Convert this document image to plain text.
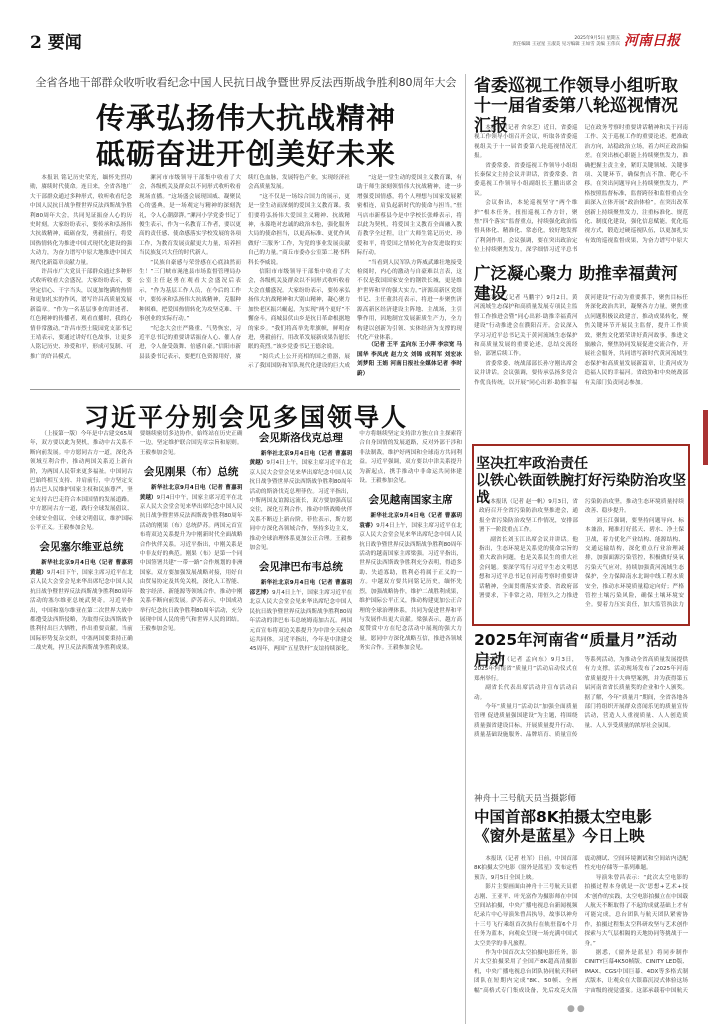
2 要闻	2025年9月5日 星期五
责任编辑 王冠星 王淑美 见习编辑 王如雪 美编 王伟宾 河南日报
全省各地干部群众收听收看纪念中国人民抗日战争暨世界反法西斯战争胜利80周年大会
传承弘扬伟大抗战精神
砥砺奋进开创美好未来

本报讯 铭记历史荣光，缅怀先烈功勋，赓续时代使命。连日来，全省各地广大干部群众通过多种形式，收听收看纪念中国人民抗日战争暨世界反法西斯战争胜利80周年大会，共同见证振奋人心的历史时刻。大家纷纷表示，要传承和弘扬伟大抗战精神，砥砺奋发，勇毅前行，将爱国热情转化为推进中国式现代化建设的强大动力，为奋力谱写中原大地推进中国式现代化新篇章贡献力量。

许昌市广大党员干部群众通过多种形式收听收看大会盛况。大家纷纷表示，要坚定信心、干字当头，以更加饱满的热情和更加扎实的作风，谱写许昌高质量发展新篇章。“作为一名基层事业的讲述者、红色精神的传播者，观看直播时，我的心情非常激动。”许昌市烈士陵园党支部书记王靖表示，要通过讲好红色故事，让更多人铭记历史、珍爱和平，形成可复制、可推广的许昌模式。

漯河市市级领导干部集中收看了大会，各级机关及群众以不同形式收听收看现场直播。“这场盛会展现国威、凝聚民心的盛典，是一场观定与精神的深刻洗礼，令人心潮澎湃。”漯河小学党委书记丁俊生表示，作为一名教育工作者，要以更高的责任感、使命感落实学校发展的各项工作，为教育发展贡献更大力量，培养担当民族复兴大任的时代新人。

“民族自豪感与荣誉感在心底油然而生！”三门峡市渑池县市场监督管理局办公室主任赵勇在观看大会盛况后表示，“作为基层工作人员，在今后的工作中，要传承和弘扬伟大抗战精神，克服种种困难，把爱国热情转化为攻坚克难、干事创业的实际行动。”

“纪念大会庄严隆重、气势恢宏，习近平总书记的重要讲话振奋人心、催人奋进，令人备受鼓舞、倍感自豪。”信阳市新县县委书记表示，要把红色资源用好，赓续红色血脉，发展特色产业，实现经济社会高质量发展。

“这不仅是一场综合国力的展示，更是一堂生动而深刻的爱国主义教育课。我们要将弘扬伟大爱国主义精神、抗战精神，永葆绝对忠诚的政治本色，强化服务大局的使命担当，以更高标准、更优作风做好‘三服务’工作，为党的事业发展贡献自己的力量。”商丘市委办公室第二秘书科科长李威说。

信阳市市级领导干部集中收看了大会，各级机关及群众以不同形式收听收看大会直播盛况。大家纷纷表示，要传承弘扬伟大抗战精神和大别山精神，凝心聚力加快老区振兴崛起，为实现“两个更好”不懈奋斗。商城县伏山乡是抗日革命根据地的家乡。“我们将高举先辈旗帜，鲜明奋进，勇毅前行，用改革发展新成果告慰长眠的英烈。”该乡党委书记王德余说。

“阅兵式上公开亮相的国之重器，展示了我国国防和军队现代化建设的巨大成

“这是一堂生动的爱国主义教育课，有助于师生深刻领悟伟大抗战精神，进一步增强爱国情感，将个人理想与国家发展紧密相连，肩负起新时代的使命与担当。”驻马店市新蔡县今是中学校长张峰表示，将以此为契机，将爱国主义教育全面融入教育教学全过程，让广大师生铭记历史、珍爱和平，将爱国之情转化为奋发进取的实际行动。

“当看到人民军队方阵威武雄壮地接受检阅时，内心的激动与自豪难以言表，这不仅是我国国家安全的钢铁长城，更是维护世界和平的强大实力。”济源高新区党组书记、主任董洪亮表示，将进一步聚焦济源高新区经济建设主阵地、主战场，主引擎作用，因地制宜发展新质生产力，全力构建以创新为引领、实体经济为支撑的现代化产业体系。

（记者 王平 孟向东 王小萍 李宗宽 马国华 李凤虎 赵力文 刘锦 成利军 刘宏冰 刘梦阳 王娟 河南日报社全媒体记者 李时蔚）

习近平分别会见多国领导人

（上接第一版）今年是中古建交65周年，双方要以此为契机，推动中古关系不断向前发展。中方愿同古方一道，深化各领域互利合作，推动两国关系迈上新台阶，为两国人民带来更多福祉。中国同古巴始终相互支持、并肩前行，中方坚定支持古巴人民维护国家主权和民族尊严，坚定支持古巴走符合本国国情的发展道路。中方愿同古方一道，践行全球发展倡议、全球安全倡议、全球文明倡议，维护国际公平正义。王毅参加会见。

会见塞尔维亚总统

新华社北京9月4日电（记者 曹嘉玥 黄越）9月4日下午，国家主席习近平在北京人民大会堂会见来华出席纪念中国人民抗日战争暨世界反法西斯战争胜利80周年活动的塞尔维亚总统武契奇。习近平指出，中国和塞尔维亚在第二次世界大战中都遭受法西斯侵略，为取得反法西斯战争胜利付出巨大牺牲，作出重要贡献。当前国际形势复杂交织，中塞两国要秉持正确二战史观，捍卫反法西斯战争胜利成果。要继续密切多边协作，始终站在历史正确一边，坚定维护联合国宪章宗旨和原则。王毅参加会见。

会见刚果（布）总统

新华社北京9月4日电（记者 曹嘉玥 黄越）9月4日中午，国家主席习近平在北京人民大会堂会见来华出席纪念中国人民抗日战争暨世界反法西斯战争胜利80周年活动的刚果（布）总统萨苏。两国元首宣布将双边关系提升为中刚新时代全面战略合作伙伴关系。习近平指出，中刚关系是中非友好的典范。刚果（布）是第一个同中国签署共建“一带一路”合作规划的非洲国家。双方要加强发展战略对接，用好自由贸易协定及其免关税，深化人工智能、数字经济、新能源等领域合作，推动中刚关系不断向前发展。萨苏表示，中国成功举行纪念抗日战争胜利80周年活动，充分展现中国人民的勇气和世界人民的团结。王毅参加会见。

会见斯洛伐克总理

新华社北京9月4日电（记者 曹嘉玥 黄越）9月4日上午，国家主席习近平在北京人民大会堂会见来华出席纪念中国人民抗日战争暨世界反法西斯战争胜利80周年活动的斯洛伐克总理菲佐。习近平指出，中斯两国友谊源远流长，双方要加强高层交往，深化互利合作，推动中斯战略伙伴关系不断迈上新台阶。菲佐表示，斯方愿同中方深化各领域合作，坚持多边主义，推动全球治理体系更加公正合理。王毅参加会见。

会见津巴布韦总统

新华社北京9月4日电（记者 曹嘉玥 邵艺博）9月4日上午，国家主席习近平在北京人民大会堂会见来华出席纪念中国人民抗日战争暨世界反法西斯战争胜利80周年活动的津巴布韦总统姆南加古瓦。两国元首宣布将双边关系提升为中津全天候命运共同体。习近平指出，今年是中津建交45周年，两国“五星铁杆”友谊持续深化。中方将继续坚定支持津方独立自主探索符合自身国情的发展道路，反对外部干涉和非法制裁，维护好两国和全球南方共同利益。习近平强调，双方要以中津关系提升为新起点，携手推动中非命运共同体建设。王毅参加会见。

会见越南国家主席

新华社北京9月4日电（记者 曹嘉玥 袁睿）9月4日上午，国家主席习近平在北京人民大会堂会见来华出席纪念中国人民抗日战争暨世界反法西斯战争胜利80周年活动的越南国家主席梁强。习近平指出，世界反法西斯战争胜利充分表明，得道多助、失道寡助，胜利必将属于正义的一方。中越双方要共同铭记历史，缅怀先烈，加强战略协作，维护二战胜利成果，维护国际公平正义，推动构建更加公正合理的全球治理体系，共同为促进世界和平与发展作出更大贡献。梁强表示，越方高度赞赏中方在纪念活动中展现的强大力量，愿同中方深化战略互信，推进各领域务实合作。王毅参加会见。

省委巡视工作领导小组听取
十一届省委第八轮巡视情况汇报

本报讯（记者 舍奈芝）近日，省委巡视工作领导小组召开会议，听取各省委巡视组关于十一届省委第八轮巡视情况汇报。

省委常委、省委巡视工作领导小组组长秦保文主持会议并讲话，省委常委、省委巡视工作领导小组副组长王鹏出席会议。

会议指出，本轮巡视坚守“两个维护”根本任务，扭扭巡视工作方针，聚焦“四个落实”监督重点，持续强化政治监督具体化、精准化、常态化，较好地发挥了利剑作用。会议强调，要在突出政治定位上持续聚焦发力，深学细悟习近平总书记在政务考察时重要讲话精神和关于河南工作、关于巡视工作的重要论述，把准政治方向，站稳政治立场，着力纠正政治偏差。在突出核心职能上持续聚焦发力，准确把握主责主业，紧盯关键领域、关键事项、关键环节，确保焦点不散、靶心不移。在突出问题导向上持续聚焦发力，严格按照监督标准，监督跨径和监督重点全面深入立体开展“政治体检”。在突出改革创新上持续聚焦发力，注重标准化、规范化、制度化建设，强化信息赋能，优化巡视方式，锻造过硬巡视队伍，以更加扎实有效的巡视监督成果，为奋力谱写中原大

广泛凝心聚力 助推幸福黄河建设

本报讯（记者 马鹏宇）9月2日，黄河流域生态保护和高质量发展专项民主监督工作推进会暨“同心出彩·助推幸福黄河建设”行动推进会在濮阳召开。会议深入学习习近平总书记关于黄河流域生态保护和高质量发展的重要论述，总结交流经验，部署后续工作。

省委常委、统战部部长孙守刚出席会议并讲话。会议强调，要传承弘扬多党合作优良传统，以开展“同心出彩·助推幸福黄河建设”行动为重要抓手，聚焦目标任务深化政治共识，凝聚各方力量，聚焦重点问题积极议政建言，推动成果转化，聚焦关键环节开展民主监督，提升工作质效，聚焦文化繁荣讲好黄河故事，推进文旅融合，聚焦协同发展促进交流合作，开展社会服务，共同谱写新时代黄河流域生态保护和高质量发展新篇章，让黄河成为造福人民的幸福河。省政协和中央统战部有关部门负责同志参加。

坚决扛牢政治责任
以铁心铁面铁腕打好污染防治攻坚战 本报讯（记者 赵一帆）9月3日，省政府召开全省污染防治攻坚推进会，通报全省污染防治攻坚工作情况，安排部署下一阶段重点工作。

副省长刘玉江出席会议并讲话。他指出，生态环境是关系党的使命宗旨的重大政治问题，也是关系民生的重大社会问题。要深学笃行习近平生态文明思想和习近平总书记在河南考察时重要讲话精神，全面贯彻落实省委、省政府部署要求，下非常之功，用恒久之力推进污染防治攻坚，推动生态环境质量持续改善、稳步提升。

刘玉江强调，要坚持问题导向、标本兼治，精准打好蓝天、碧水、净土保卫战，着力优化产业结构、能源结构、交通运输结构，深化重点行业治理减排，加强面源污染管控，积极做好臭氧污染天气应对，持续加强黄河流域生态保护，全力保障南水北调中线工程水质安全，推动水环境质量稳定向好；严格管控土壤污染风险，确保土壤环境安全。要着力压实责任，加大监管执法力

2025年河南省“质量月”活动启动

本报讯（记者 孟向东）9月3日，2025年河南省“质量月”活动启动仪式在郑州举行。

副省长代表出席活动并宣布活动启动。

今年“质量月”活动以“加强全面质量管理 促进质量强国建设”为主题，将围绕质量强省建设目标，开展质量提升行动、质量基础设施服务、品牌培育、质量宣传等系列活动，为推动全省高质量发展提供有力支撑。活动现场发布了2025年河南省质量提升十大典型案例，并为获得第五届河南省省长质量奖的企业和个人颁奖。据了解，今年“质量月”期间，全省各地各部门将组织开展群众喜闻乐见的质量宣传活动，营造人人重视质量、人人创造质量、人人享受质量的浓厚社会氛围。

神舟十三号航天员当摄影师
中国首部8K拍摄太空电影
《窗外是蓝星》今日上映

本报讯（记者 杜军）日前，中国首部8K拍摄太空电影《窗外是蓝星》发布定档预告，9月5日全国上映。

影片主要画面由神舟十三号航天员翟志刚、王亚平、叶光富作为摄影师在中国空间站拍摄，中央广播电视总台新闻视频纪录片中心导演朱曾昌执导，故事以神舟十三号飞行乘组首次执行在轨驻留6个月任务为蓝本，向观众呈现一场充满中国式太空美学的非凡旅程。

作为中国首次太空拍摄电影任务，影片太空拍摄采用了全国产8K超高清摄影机，中央广播电视总台团队协同航天科研团队在短期内完成“8K、50帧、全画幅”高格式专门集成设备，先后攻克火箭震动测试、空间环境测试和空间站内适配性充电存储等一系列难题。

导演朱曾昌表示：“此次太空电影的拍摄过程本身就是一次‘思想+艺术+技术’创作的实践，太空电影拍摄立在中国载人航天不断取得了不起的成就基础上才有可能完成，总台团队与航天团队紧密协作，拍摄过程集太空科研攻坚与艺术创作探索与大气层相隔的天地协同等挑战于一身。”

据悉，《窗外是蓝星》将同步制作CINITY巨幕4K50帧版、CINITY LED版、IMAX、CGS中国巨幕、4DX等多格式制式版本，让观众在大银幕沉浸式体验这场宇宙级的视觉盛宴。这部承载着中国航天

●●
